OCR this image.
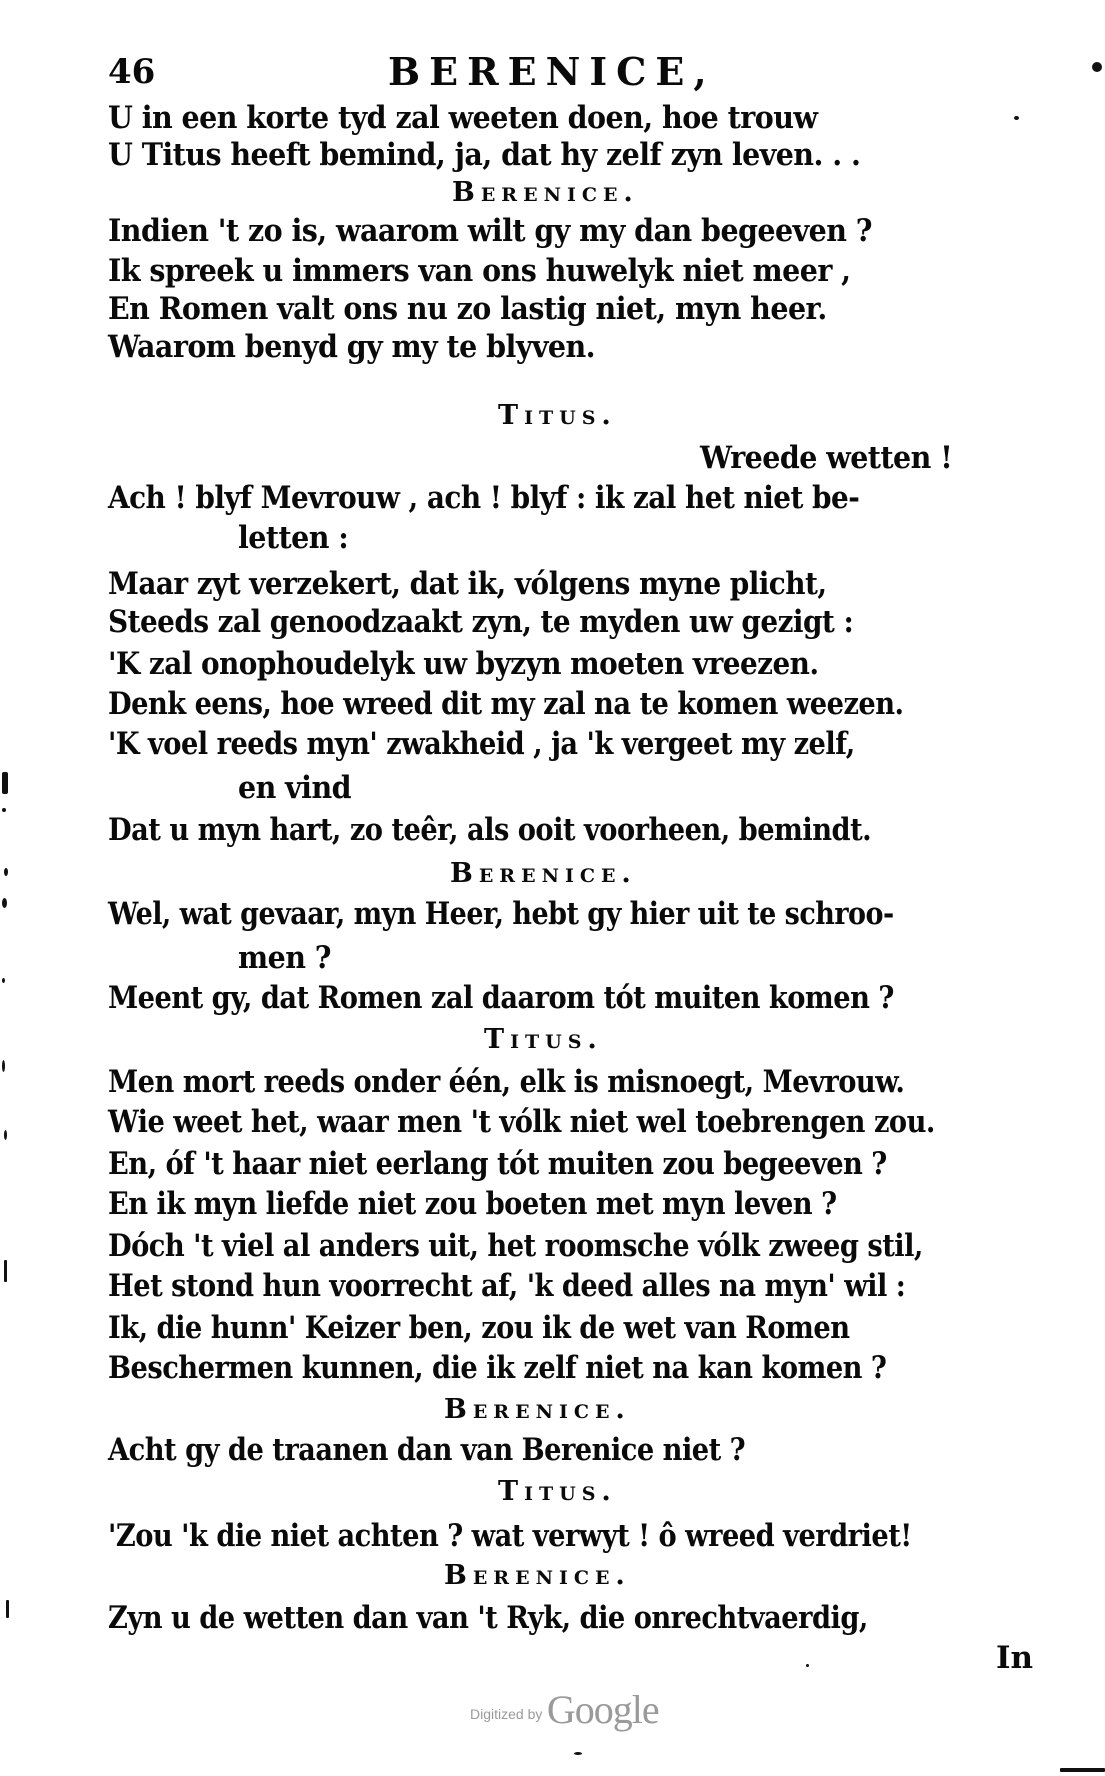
46	BERENICE,
U in een korte tyd zal weeten doen, hoe trouw
U Titus heeft bemind, ja, dat hy zelf zyn leven. . .
Berenice.
Indien 't zo is, waarom wilt gy my dan begeeven ?
Ik spreek u immers van ons huwelyk niet meer ,
En Romen valt ons nu zo lastig niet, myn heer.
Waarom benyd gy my te blyven.
Titus.
Wreede wetten !
Ach ! blyf Mevrouw , ach ! blyf : ik zal het niet be-
letten :
Maar zyt verzekert, dat ik, vólgens myne plicht,
Steeds zal genoodzaakt zyn, te myden uw gezigt :
'K zal onophoudelyk uw byzyn moeten vreezen.
Denk eens, hoe wreed dit my zal na te komen weezen.
'K voel reeds myn' zwakheid , ja 'k vergeet my zelf,
en vind
Dat u myn hart, zo teêr, als ooit voorheen, bemindt.
Berenice.
Wel, wat gevaar, myn Heer, hebt gy hier uit te schroo-
men ?
Meent gy, dat Romen zal daarom tót muiten komen ?
Titus.
Men mort reeds onder één, elk is misnoegt, Mevrouw.
Wie weet het, waar men 't vólk niet wel toebrengen zou.
En, óf 't haar niet eerlang tót muiten zou begeeven ?
En ik myn liefde niet zou boeten met myn leven ?
Dóch 't viel al anders uit, het roomsche vólk zweeg stil,
Het stond hun voorrecht af, 'k deed alles na myn' wil :
Ik, die hunn' Keizer ben, zou ik de wet van Romen
Beschermen kunnen, die ik zelf niet na kan komen ?
Berenice.
Acht gy de traanen dan van Berenice niet ?
Titus.
'Zou 'k die niet achten ? wat verwyt ! ô wreed verdriet!
Berenice.
Zyn u de wetten dan van 't Ryk, die onrechtvaerdig,
In
Digitized by Google
